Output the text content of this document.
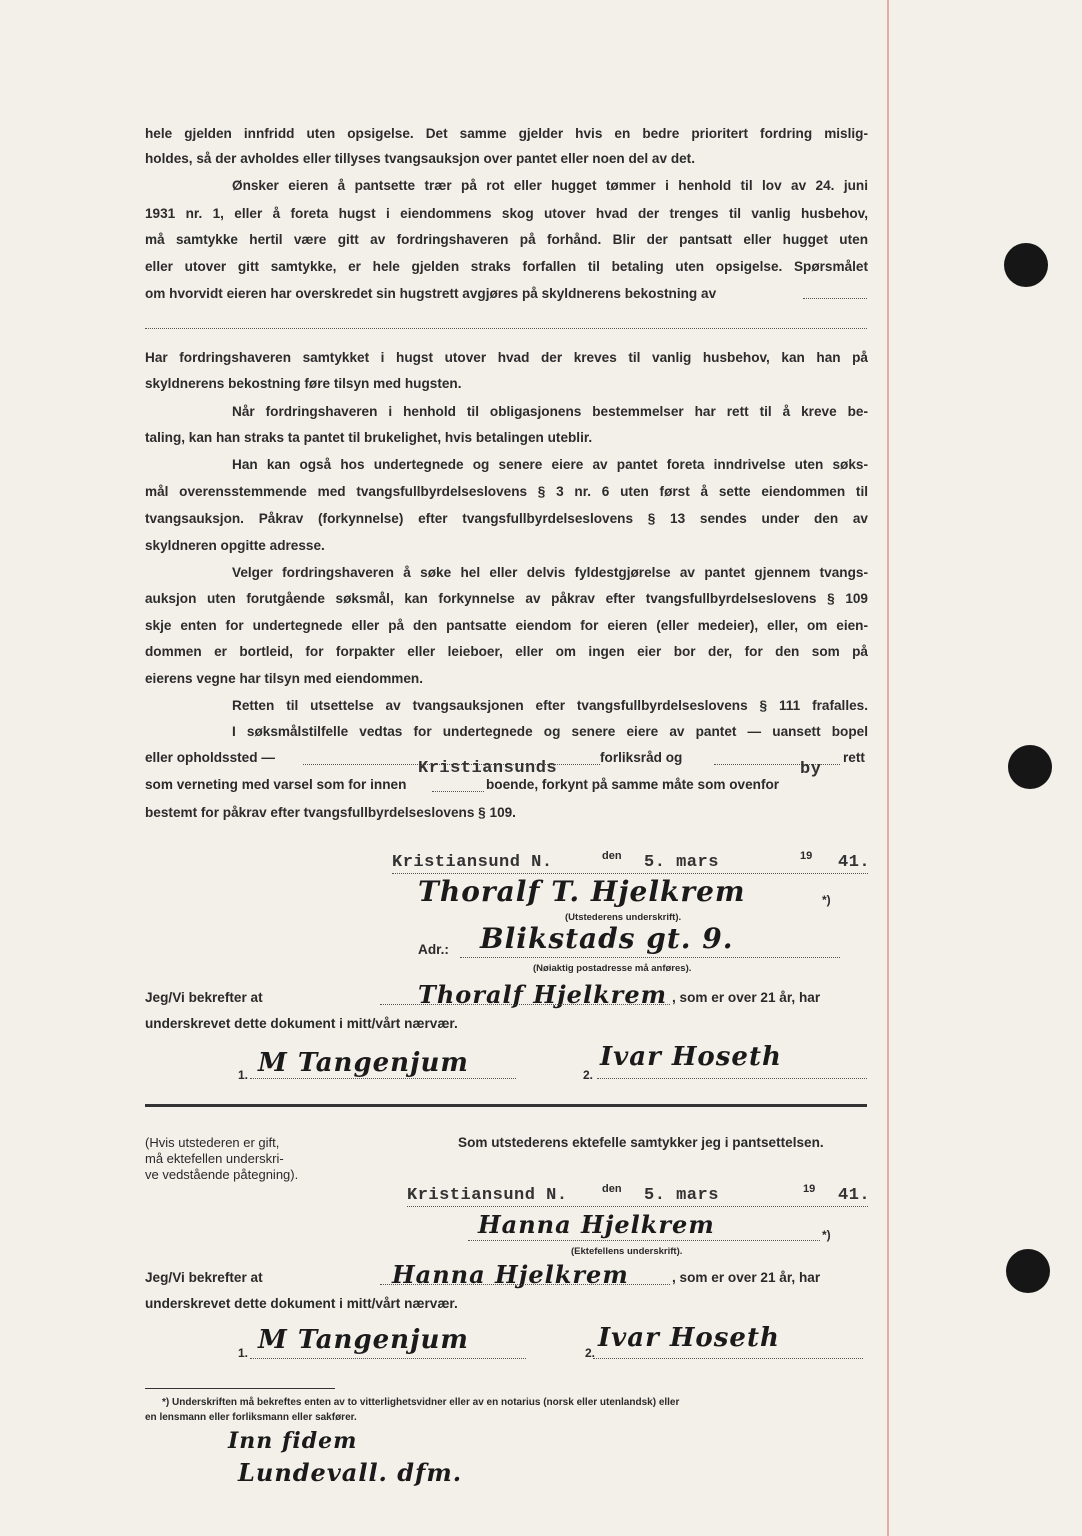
hele gjelden innfridd uten opsigelse. Det samme gjelder hvis en bedre prioritert fordring mislig-
holdes, så der avholdes eller tillyses tvangsauksjon over pantet eller noen del av det.
Ønsker eieren å pantsette trær på rot eller hugget tømmer i henhold til lov av 24. juni
1931 nr. 1, eller å foreta hugst i eiendommens skog utover hvad der trenges til vanlig husbehov,
må samtykke hertil være gitt av fordringshaveren på forhånd. Blir der pantsatt eller hugget uten
eller utover gitt samtykke, er hele gjelden straks forfallen til betaling uten opsigelse. Spørsmålet
om hvorvidt eieren har overskredet sin hugstrett avgjøres på skyldnerens bekostning av
Har fordringshaveren samtykket i hugst utover hvad der kreves til vanlig husbehov, kan han på
skyldnerens bekostning føre tilsyn med hugsten.
Når fordringshaveren i henhold til obligasjonens bestemmelser har rett til å kreve be-
taling, kan han straks ta pantet til brukelighet, hvis betalingen uteblir.
Han kan også hos undertegnede og senere eiere av pantet foreta inndrivelse uten søks-
mål overensstemmende med tvangsfullbyrdelseslovens § 3 nr. 6 uten først å sette eiendommen til
tvangsauksjon. Påkrav (forkynnelse) efter tvangsfullbyrdelseslovens § 13 sendes under den av
skyldneren opgitte adresse.
Velger fordringshaveren å søke hel eller delvis fyldestgjørelse av pantet gjennem tvangs-
auksjon uten forutgående søksmål, kan forkynnelse av påkrav efter tvangsfullbyrdelseslovens § 109
skje enten for undertegnede eller på den pantsatte eiendom for eieren (eller medeier), eller, om eien-
dommen er bortleid, for forpakter eller leieboer, eller om ingen eier bor der, for den som på
eierens vegne har tilsyn med eiendommen.
Retten til utsettelse av tvangsauksjonen efter tvangsfullbyrdelseslovens § 111 frafalles.
I søksmålstilfelle vedtas for undertegnede og senere eiere av pantet — uansett bopel
eller opholdssted —	forliksråd og	rett
Kristiansunds	by
som verneting med varsel som for innen	boende, forkynt på samme måte som ovenfor
bestemt for påkrav efter tvangsfullbyrdelseslovens § 109.
Kristiansund N.	den 5. mars	19 41.
Thoralf T. Hjelkrem	*)
(Utstederens underskrift).
Adr.: Blikstads gt. 9.
(Nøiaktig postadresse må anføres).
Jeg/Vi bekrefter at	Thoralf Hjelkrem , som er over 21 år, har
underskrevet dette dokument i mitt/vårt nærvær.
1. M Tangenjum	2.
Ivar Hoseth
(Hvis utstederen er gift,
må ektefellen underskri-
ve vedstående påtegning).
Som utstederens ektefelle samtykker jeg i pantsettelsen.
Kristiansund N.	den 5. mars	19 41.
Hanna Hjelkrem	*)
(Ektefellens underskrift).
Jeg/Vi bekrefter at	Hanna Hjelkrem	, som er over 21 år, har
underskrevet dette dokument i mitt/vårt nærvær.
1. M Tangenjum	2. Ivar Hoseth
*) Underskriften må bekreftes enten av to vitterlighetsvidner eller av en notarius (norsk eller utenlandsk) eller
en lensmann eller forliksmann eller sakfører.
Inn fidem
Lundevall. dfm.
